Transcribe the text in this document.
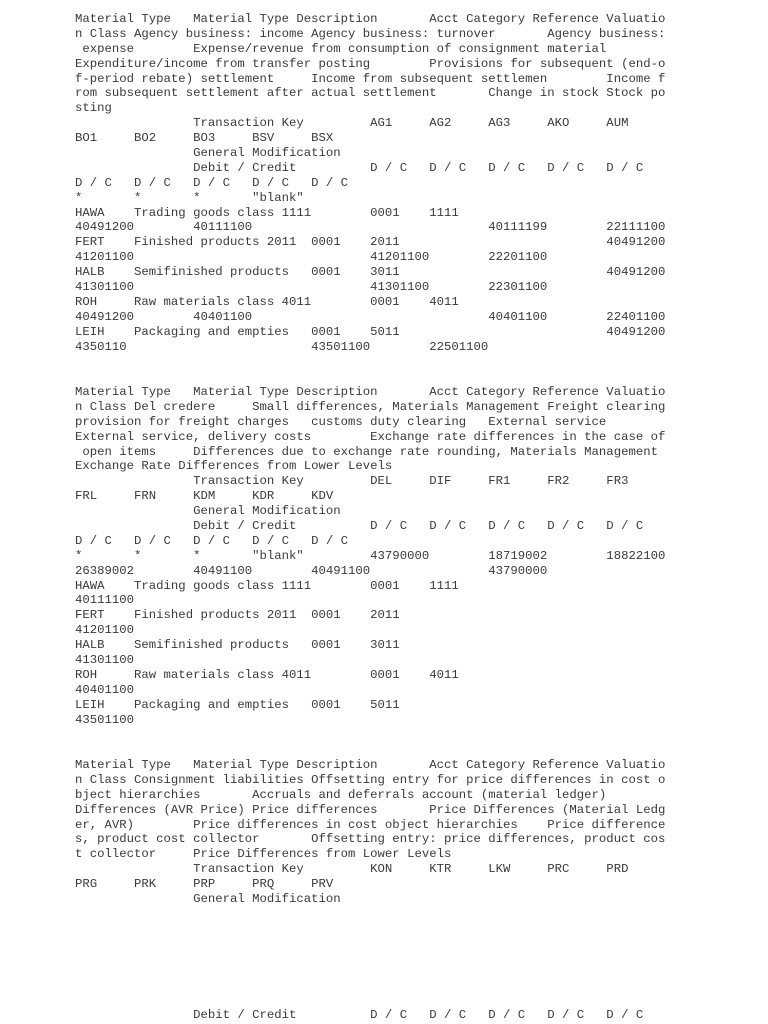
Material Type   Material Type Description       Acct Category Reference Valuatio
n Class Agency business: income Agency business: turnover       Agency business:
expense        Expense/revenue from consumption of consignment material
Expenditure/income from transfer posting        Provisions for subsequent (end-o
f-period rebate) settlement     Income from subsequent settlemen        Income f
rom subsequent settlement after actual settlement       Change in stock Stock po
sting
Transaction Key         AG1     AG2     AG3     AKO     AUM
BO1     BO2     BO3     BSV     BSX
General Modification
Debit / Credit          D / C   D / C   D / C   D / C   D / C
D / C   D / C   D / C   D / C   D / C
*       *       *       "blank"
HAWA    Trading goods class 1111        0001    1111
40491200        40111100                                40111199        22111100
FERT    Finished products 2011  0001    2011                            40491200
41201100                                41201100        22201100
HALB    Semifinished products   0001    3011                            40491200
41301100                                41301100        22301100
ROH     Raw materials class 4011        0001    4011
40491200        40401100                                40401100        22401100
LEIH    Packaging and empties   0001    5011                            40491200
4350110                         43501100        22501100

Material Type   Material Type Description       Acct Category Reference Valuatio
n Class Del credere     Small differences, Materials Management Freight clearing
provision for freight charges   customs duty clearing   External service
External service, delivery costs        Exchange rate differences in the case of
open items     Differences due to exchange rate rounding, Materials Management
Exchange Rate Differences from Lower Levels
Transaction Key         DEL     DIF     FR1     FR2     FR3
FRL     FRN     KDM     KDR     KDV
General Modification
Debit / Credit          D / C   D / C   D / C   D / C   D / C
D / C   D / C   D / C   D / C   D / C
*       *       *       "blank"         43790000        18719002        18822100
26389002        40491100        40491100                43790000
HAWA    Trading goods class 1111        0001    1111
40111100
FERT    Finished products 2011  0001    2011
41201100
HALB    Semifinished products   0001    3011
41301100
ROH     Raw materials class 4011        0001    4011
40401100
LEIH    Packaging and empties   0001    5011
43501100

Material Type   Material Type Description       Acct Category Reference Valuatio
n Class Consignment liabilities Offsetting entry for price differences in cost o
bject hierarchies       Accruals and deferrals account (material ledger)
Differences (AVR Price) Price differences       Price Differences (Material Ledg
er, AVR)        Price differences in cost object hierarchies    Price difference
s, product cost collector       Offsetting entry: price differences, product cos
t collector     Price Differences from Lower Levels
Transaction Key         KON     KTR     LKW     PRC     PRD
PRG     PRK     PRP     PRQ     PRV
General Modification

Debit / Credit          D / C   D / C   D / C   D / C   D / C
